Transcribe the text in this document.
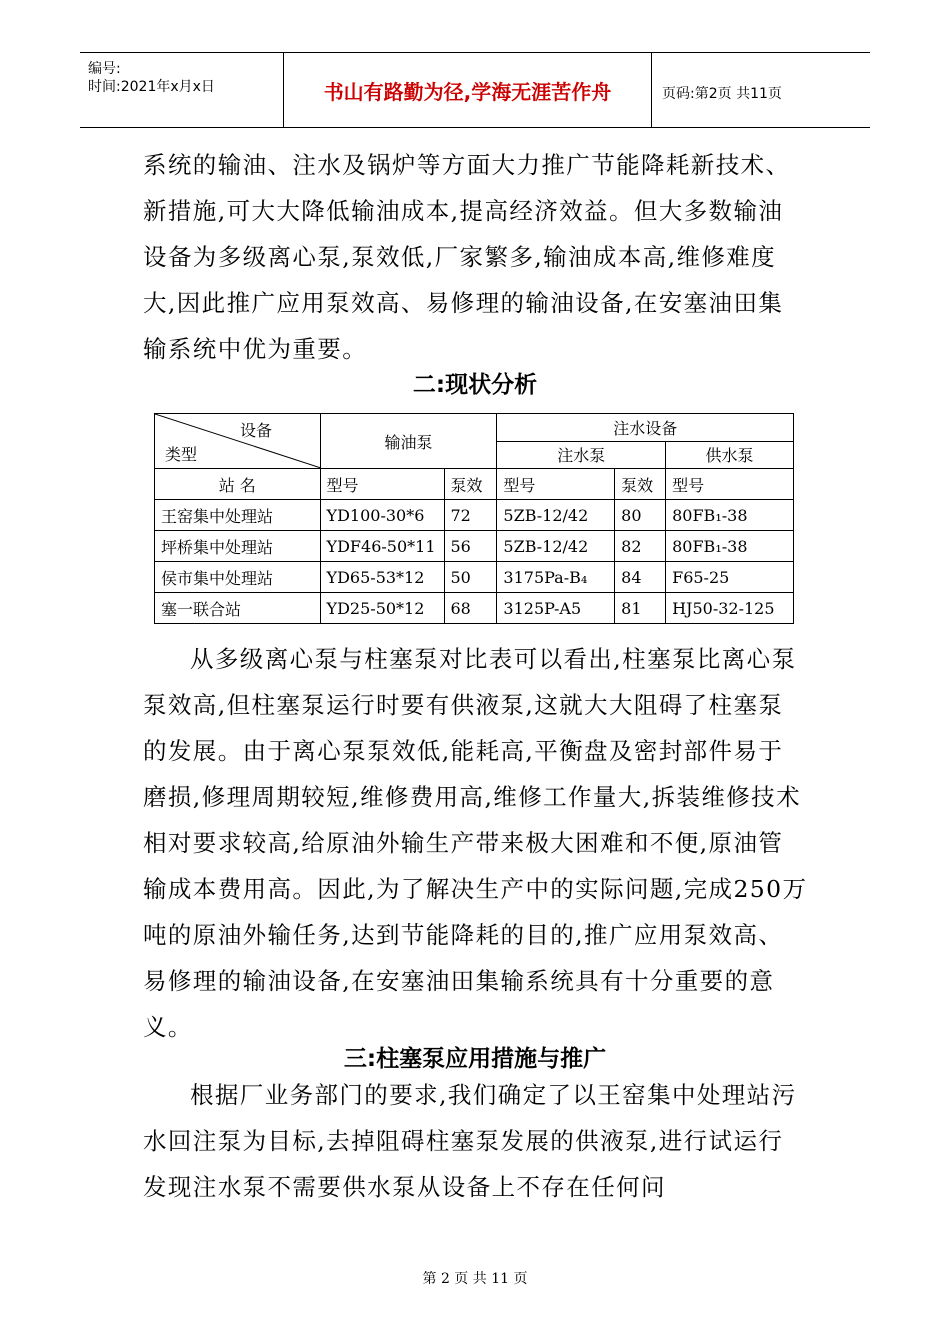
编号:
时间:2021年x月x日	书山有路勤为径,学海无涯苦作舟	页码:第2页 共11页
系统的输油、注水及锅炉等方面大力推广节能降耗新技术、新措施,可大大降低输油成本,提高经济效益。但大多数输油设备为多级离心泵,泵效低,厂家繁多,输油成本高,维修难度大,因此推广应用泵效高、易修理的输油设备,在安塞油田集输系统中优为重要。
二:现状分析
设备
类型	输油泵		注水设备		
			注水泵		供水泵
站 名	型号	泵效	型号	泵效	型号
王窑集中处理站	YD100-30*6	72	5ZB-12/42	80	80FB₁-38
坪桥集中处理站	YDF46-50*11	56	5ZB-12/42	82	80FB₁-38
侯市集中处理站	YD65-53*12	50	3175Pa-B₄	84	F65-25
塞一联合站	YD25-50*12	68	3125P-A5	81	HJ50-32-125
从多级离心泵与柱塞泵对比表可以看出,柱塞泵比离心泵泵效高,但柱塞泵运行时要有供液泵,这就大大阻碍了柱塞泵的发展。由于离心泵泵效低,能耗高,平衡盘及密封部件易于磨损,修理周期较短,维修费用高,维修工作量大,拆装维修技术相对要求较高,给原油外输生产带来极大困难和不便,原油管输成本费用高。因此,为了解决生产中的实际问题,完成250万吨的原油外输任务,达到节能降耗的目的,推广应用泵效高、易修理的输油设备,在安塞油田集输系统具有十分重要的意义。
三:柱塞泵应用措施与推广
根据厂业务部门的要求,我们确定了以王窑集中处理站污水回注泵为目标,去掉阻碍柱塞泵发展的供液泵,进行试运行发现注水泵不需要供水泵从设备上不存在任何问
第 2 页 共 11 页
